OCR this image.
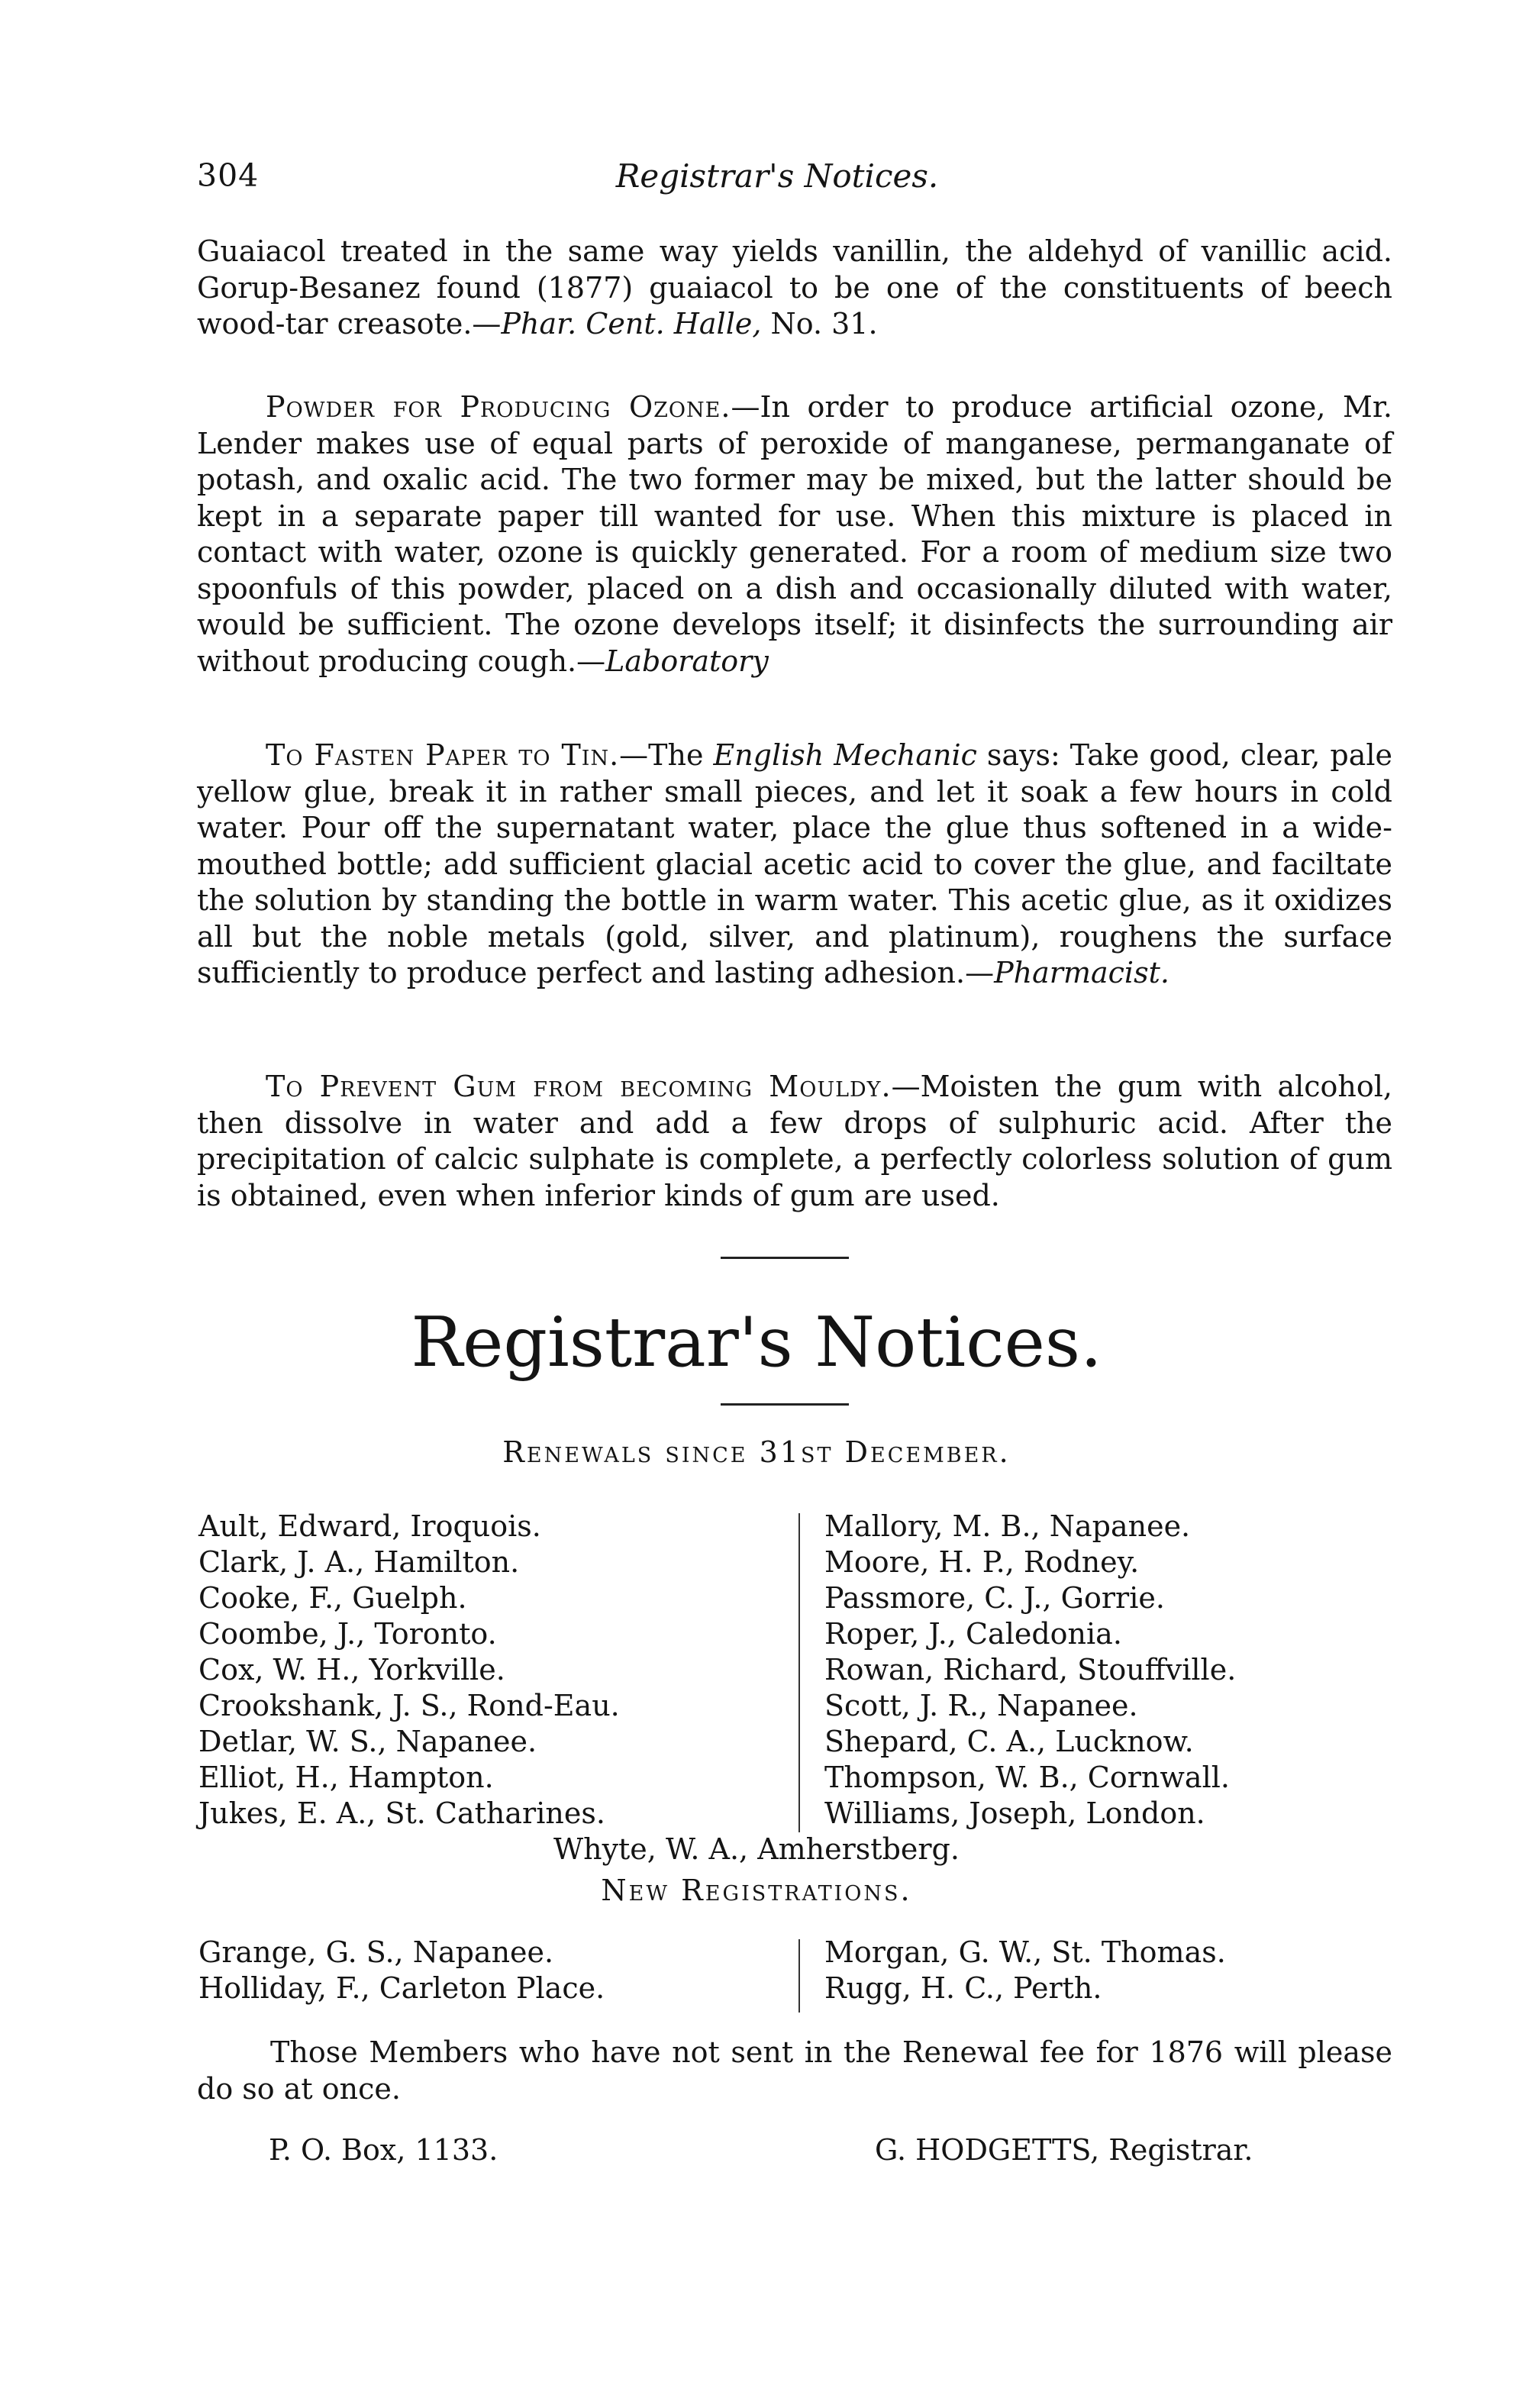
304	Registrar's Notices.

Guaiacol treated in the same way yields vanillin, the aldehyd of vanillic acid. Gorup-Besanez found (1877) guaiacol to be one of the constituents of beech wood-tar creasote.—Phar. Cent. Halle, No. 31.

Powder for Producing Ozone.—In order to produce artificial ozone, Mr. Lender makes use of equal parts of peroxide of manganese, permanganate of potash, and oxalic acid. The two former may be mixed, but the latter should be kept in a separate paper till wanted for use. When this mixture is placed in contact with water, ozone is quickly generated. For a room of medium size two spoonfuls of this powder, placed on a dish and occasionally diluted with water, would be sufficient. The ozone develops itself; it disinfects the surrounding air without producing cough.—Laboratory

To Fasten Paper to Tin.—The English Mechanic says: Take good, clear, pale yellow glue, break it in rather small pieces, and let it soak a few hours in cold water. Pour off the supernatant water, place the glue thus softened in a wide-mouthed bottle; add sufficient glacial acetic acid to cover the glue, and faciltate the solution by standing the bottle in warm water. This acetic glue, as it oxidizes all but the noble metals (gold, silver, and platinum), roughens the surface sufficiently to produce perfect and lasting adhesion.—Pharmacist.

To Prevent Gum from becoming Mouldy.—Moisten the gum with alcohol, then dissolve in water and add a few drops of sulphuric acid. After the precipitation of calcic sulphate is complete, a perfectly colorless solution of gum is obtained, even when inferior kinds of gum are used.

Registrar's Notices.
Renewals since 31st December.
Ault, Edward, Iroquois.
Clark, J. A., Hamilton.
Cooke, F., Guelph.
Coombe, J., Toronto.
Cox, W. H., Yorkville.
Crookshank, J. S., Rond-Eau.
Detlar, W. S., Napanee.
Elliot, H., Hampton.
Jukes, E. A., St. Catharines.
Mallory, M. B., Napanee.
Moore, H. P., Rodney.
Passmore, C. J., Gorrie.
Roper, J., Caledonia.
Rowan, Richard, Stouffville.
Scott, J. R., Napanee.
Shepard, C. A., Lucknow.
Thompson, W. B., Cornwall.
Williams, Joseph, London.
Whyte, W. A., Amherstberg.
New Registrations.
Grange, G. S., Napanee.
Holliday, F., Carleton Place.
Morgan, G. W., St. Thomas.
Rugg, H. C., Perth.

Those Members who have not sent in the Renewal fee for 1876 will please do so at once.

P. O. Box, 1133.	G. HODGETTS, Registrar.
